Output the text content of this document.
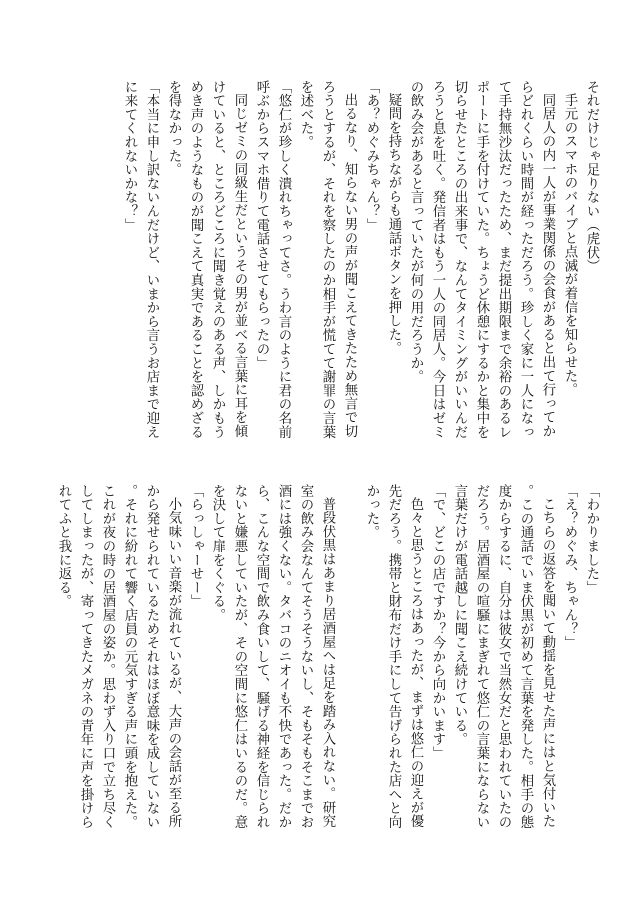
それだけじゃ足りない（虎伏）

手元のスマホのバイブと点滅が着信を知らせた。

同居人の内一人が事業関係の会食があると出て行ってからどれくらい時間が経っただろう。珍しく家に一人になって手持無沙汰だったため、まだ提出期限まで余裕のあるレポートに手を付けていた。ちょうど休憩にするかと集中を切らせたところの出来事で、なんてタイミングがいいんだろうと息を吐く。発信者はもう一人の同居人。今日はゼミの飲み会があると言っていたが何の用だろうか。

疑問を持ちながらも通話ボタンを押した。

「あ？めぐみちゃん？」

出るなり、知らない男の声が聞こえてきたため無言で切ろうとするが、それを察したのか相手が慌てて謝罪の言葉を述べた。

「悠仁が珍しく潰れちゃってさ。うわ言のように君の名前呼ぶからスマホ借りて電話させてもらったの」

同じゼミの同級生だというその男が並べる言葉に耳を傾けていると、ところどころに聞き覚えのある声、しかもうめき声のようなものが聞こえて真実であることを認めざるを得なかった。

「本当に申し訳ないんだけど、いまから言うお店まで迎えに来てくれないかな？」

「わかりました」

「え？めぐみ、ちゃん？」

こちらの返答を聞いて動揺を見せた声にはと気付いた。この通話でいま伏黒が初めて言葉を発した。相手の態度からするに、自分は彼女で当然女だと思われていたのだろう。居酒屋の喧騒にまぎれて悠仁の言葉にならない言葉だけが電話越しに聞こえ続けている。

「で、どこの店ですか？今から向かいます」

色々と思うところはあったが、まずは悠仁の迎えが優先だろう。携帯と財布だけ手にして告げられた店へと向かった。

普段伏黒はあまり居酒屋へは足を踏み入れない。研究室の飲み会なんてそうそうないし、そもそもそこまでお酒には強くない。タバコのニオイも不快であった。だから、こんな空間で飲み食いして、騒げる神経を信じられないと嫌悪していたが、その空間に悠仁はいるのだ。意を決して扉をくぐる。

「らっしゃーせー」

小気味いい音楽が流れているが、大声の会話が至る所から発せられているためそれはほぼ意味を成していない。それに紛れて響く店員の元気すぎる声に頭を抱えた。これが夜の時の居酒屋の姿か。思わず入り口で立ち尽くしてしまったが、寄ってきたメガネの青年に声を掛けられてふと我に返る。
